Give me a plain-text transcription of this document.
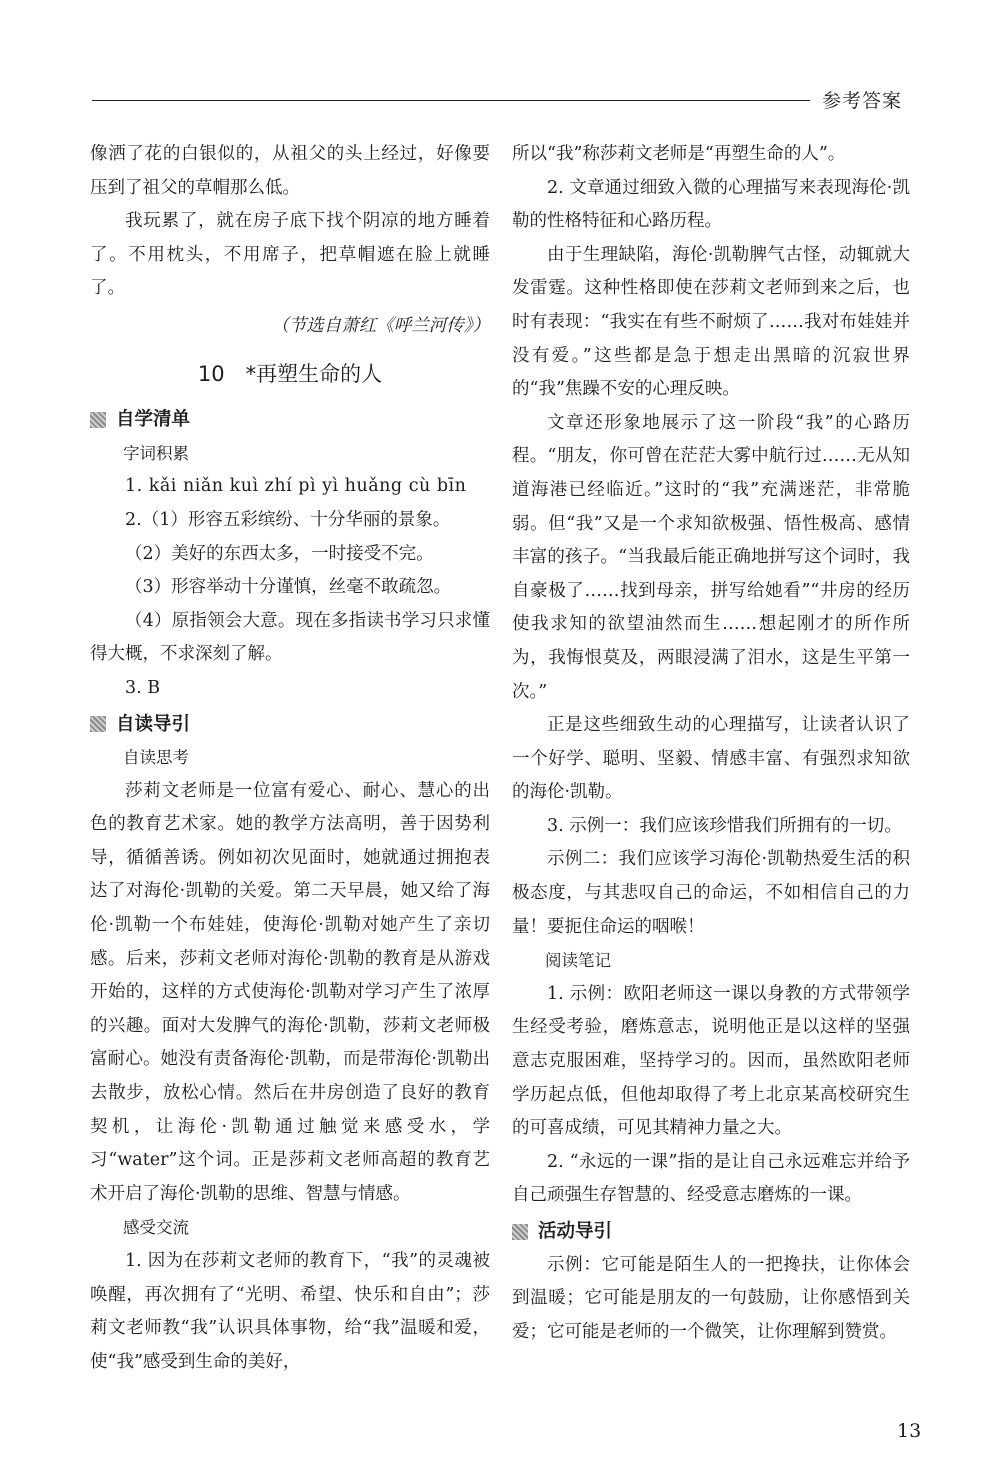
参考答案

像洒了花的白银似的，从祖父的头上经过，好像要压到了祖父的草帽那么低。

我玩累了，就在房子底下找个阴凉的地方睡着了。不用枕头，不用席子，把草帽遮在脸上就睡了。

（节选自萧红《呼兰河传》）

10　*再塑生命的人
自学清单

字词积累

1. kǎi niǎn kuì zhí pì yì huǎng cù bīn

2.（1）形容五彩缤纷、十分华丽的景象。

（2）美好的东西太多，一时接受不完。

（3）形容举动十分谨慎，丝毫不敢疏忽。

（4）原指领会大意。现在多指读书学习只求懂得大概，不求深刻了解。

3. B

自读导引

自读思考

莎莉文老师是一位富有爱心、耐心、慧心的出色的教育艺术家。她的教学方法高明，善于因势利导，循循善诱。例如初次见面时，她就通过拥抱表达了对海伦·凯勒的关爱。第二天早晨，她又给了海伦·凯勒一个布娃娃，使海伦·凯勒对她产生了亲切感。后来，莎莉文老师对海伦·凯勒的教育是从游戏开始的，这样的方式使海伦·凯勒对学习产生了浓厚的兴趣。面对大发脾气的海伦·凯勒，莎莉文老师极富耐心。她没有责备海伦·凯勒，而是带海伦·凯勒出去散步，放松心情。然后在井房创造了良好的教育契机，让海伦·凯勒通过触觉来感受水，学习“water”这个词。正是莎莉文老师高超的教育艺术开启了海伦·凯勒的思维、智慧与情感。

感受交流

1. 因为在莎莉文老师的教育下，“我”的灵魂被唤醒，再次拥有了“光明、希望、快乐和自由”；莎莉文老师教“我”认识具体事物，给“我”温暖和爱，使“我”感受到生命的美好，

所以“我”称莎莉文老师是“再塑生命的人”。

2. 文章通过细致入微的心理描写来表现海伦·凯勒的性格特征和心路历程。

由于生理缺陷，海伦·凯勒脾气古怪，动辄就大发雷霆。这种性格即使在莎莉文老师到来之后，也时有表现：“我实在有些不耐烦了……我对布娃娃并没有爱。”这些都是急于想走出黑暗的沉寂世界的“我”焦躁不安的心理反映。

文章还形象地展示了这一阶段“我”的心路历程。“朋友，你可曾在茫茫大雾中航行过……无从知道海港已经临近。”这时的“我”充满迷茫，非常脆弱。但“我”又是一个求知欲极强、悟性极高、感情丰富的孩子。“当我最后能正确地拼写这个词时，我自豪极了……找到母亲，拼写给她看”“井房的经历使我求知的欲望油然而生……想起刚才的所作所为，我悔恨莫及，两眼浸满了泪水，这是生平第一次。”

正是这些细致生动的心理描写，让读者认识了一个好学、聪明、坚毅、情感丰富、有强烈求知欲的海伦·凯勒。

3. 示例一：我们应该珍惜我们所拥有的一切。

示例二：我们应该学习海伦·凯勒热爱生活的积极态度，与其悲叹自己的命运，不如相信自己的力量！要扼住命运的咽喉！

阅读笔记

1. 示例：欧阳老师这一课以身教的方式带领学生经受考验，磨炼意志，说明他正是以这样的坚强意志克服困难，坚持学习的。因而，虽然欧阳老师学历起点低，但他却取得了考上北京某高校研究生的可喜成绩，可见其精神力量之大。

2. “永远的一课”指的是让自己永远难忘并给予自己顽强生存智慧的、经受意志磨炼的一课。

活动导引

示例：它可能是陌生人的一把搀扶，让你体会到温暖；它可能是朋友的一句鼓励，让你感悟到关爱；它可能是老师的一个微笑，让你理解到赞赏。

13
